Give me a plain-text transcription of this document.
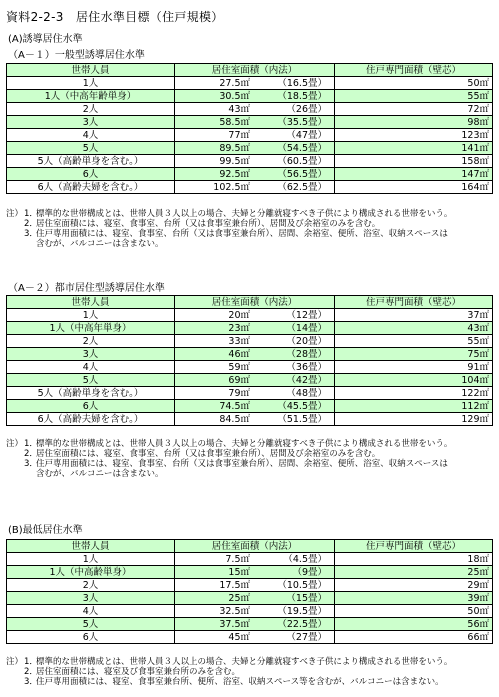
資料2-2-3　居住水準目標（住戸規模）
(A)誘導居住水準
（A－１）一般型誘導居住水準
世帯人員	居住室面積（内法）	住戸専門面積（壁芯）
1人	27.5㎡ （16.5畳）	50㎡
1人（中高年齢単身）	30.5㎡ （18.5畳）	55㎡
2人	43㎡ （26畳）	72㎡
3人	58.5㎡ （35.5畳）	98㎡
4人	77㎡ （47畳）	123㎡
5人	89.5㎡ （54.5畳）	141㎡
5人（高齢単身を含む。）	99.5㎡ （60.5畳）	158㎡
6人	92.5㎡ （56.5畳）	147㎡
6人（高齢夫婦を含む。）	102.5㎡ （62.5畳）	164㎡
注） 1．
標準的な世帯構成とは、世帯人員３人以上の場合、夫婦と分離就寝すべき子供により構成される世帯をいう。
2．
居住室面積には、寝室、食事室、台所（又は食事室兼台所）、居間及び余裕室のみを含む。
3．
住戸専用面積には、寝室、食事室、台所（又は食事室兼台所）、居間、余裕室、便所、浴室、収納スペースは
含むが、バルコニーは含まない。
（A－２）都市居住型誘導居住水準
世帯人員	居住室面積（内法）	住戸専門面積（壁芯）
1人	20㎡ （12畳）	37㎡
1人（中高年単身）	23㎡ （14畳）	43㎡
2人	33㎡ （20畳）	55㎡
3人	46㎡ （28畳）	75㎡
4人	59㎡ （36畳）	91㎡
5人	69㎡ （42畳）	104㎡
5人（高齢単身を含む。）	79㎡ （48畳）	122㎡
6人	74.5㎡ （45.5畳）	112㎡
6人（高齢夫婦を含む。）	84.5㎡ （51.5畳）	129㎡
注） 1．
標準的な世帯構成とは、世帯人員３人以上の場合、夫婦と分離就寝すべき子供により構成される世帯をいう。
2．
居住室面積には、寝室、食事室、台所（又は食事室兼台所）、居間及び余裕室のみを含む。
3．
住戸専用面積には、寝室、食事室、台所（又は食事室兼台所）、居間、余裕室、便所、浴室、収納スペースは
含むが、バルコニーは含まない。
(B)最低居住水準
世帯人員	居住室面積（内法）	住戸専門面積（壁芯）
1人	7.5㎡ （4.5畳）	18㎡
1人（中高齢単身）	15㎡ （9畳）	25㎡
2人	17.5㎡ （10.5畳）	29㎡
3人	25㎡ （15畳）	39㎡
4人	32.5㎡ （19.5畳）	50㎡
5人	37.5㎡ （22.5畳）	56㎡
6人	45㎡ （27畳）	66㎡
注） 1．
標準的な世帯構成とは、世帯人員３人以上の場合、夫婦と分離就寝すべき子供により構成される世帯をいう。
2．
居住室面積には、寝室及び食事室兼台所のみを含む。
3．
住戸専用面積には、寝室、食事室兼台所、便所、浴室、収納スペース等を含むが、バルコニーは含まない。
